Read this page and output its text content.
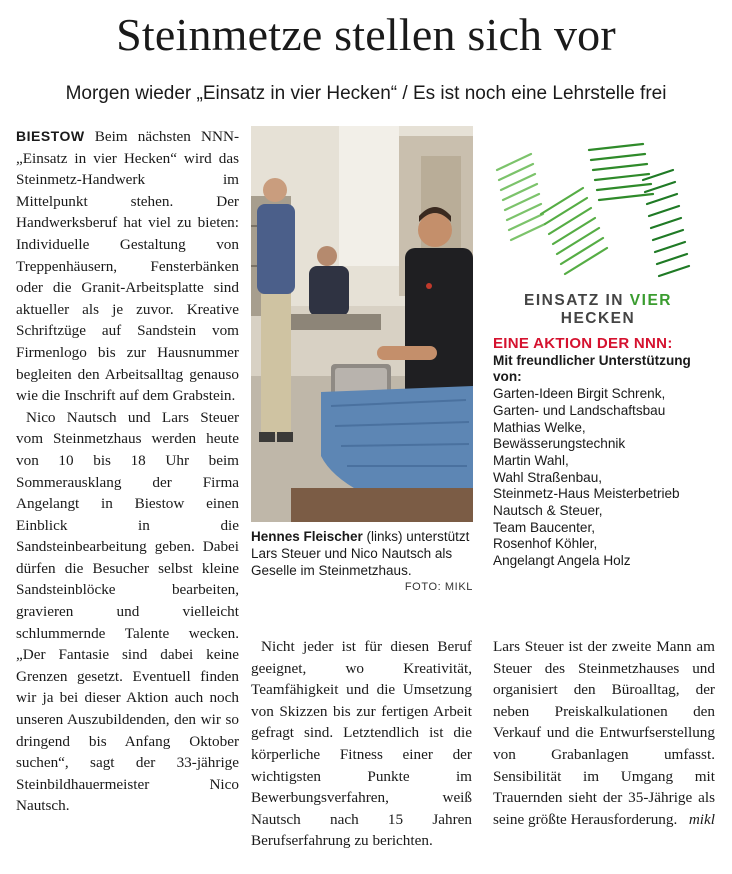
Steinmetze stellen sich vor
Morgen wieder „Einsatz in vier Hecken“ / Es ist noch eine Lehrstelle frei

BIESTOW Beim nächsten NNN-„Einsatz in vier Hecken“ wird das Steinmetz-Handwerk im Mittelpunkt stehen. Der Handwerksberuf hat viel zu bieten: Individuelle Gestaltung von Treppenhäusern, Fensterbänken oder die Granit-Arbeitsplatte sind aktueller als je zuvor. Kreative Schriftzüge auf Sandstein vom Firmenlogo bis zur Hausnummer begleiten den Arbeitsalltag genauso wie die Inschrift auf dem Grabstein.

Nico Nautsch und Lars Steuer vom Steinmetzhaus werden heute von 10 bis 18 Uhr beim Sommerausklang der Firma Angelangt in Biestow einen Einblick in die Sandsteinbearbeitung geben. Dabei dürfen die Besucher selbst kleine Sandsteinblöcke bearbeiten, gravieren und vielleicht schlummernde Talente wecken. „Der Fantasie sind dabei keine Grenzen gesetzt. Eventuell finden wir ja bei dieser Aktion auch noch unseren Auszubildenden, den wir so dringend bis Anfang Oktober suchen“, sagt der 33-jährige Steinbildhauermeister Nico Nautsch.

Hennes Fleischer (links) unterstützt Lars Steuer und Nico Nautsch als Geselle im Steinmetzhaus.
FOTO: MIKL
EINSATZ IN VIER HECKEN
EINE AKTION DER NNN:
Mit freundlicher Unterstützung von:
Garten-Ideen Birgit Schrenk,
Garten- und Landschaftsbau
Mathias Welke,
Bewässerungstechnik
Martin Wahl,
Wahl Straßenbau,
Steinmetz-Haus Meisterbetrieb
Nautsch & Steuer,
Team Baucenter,
Rosenhof Köhler,
Angelangt Angela Holz

Nicht jeder ist für diesen Beruf geeignet, wo Kreativität, Teamfähigkeit und die Umsetzung von Skizzen bis zur fertigen Arbeit gefragt sind. Letztendlich ist die körperliche Fitness einer der wichtigsten Punkte im Bewerbungsverfahren, weiß Nautsch nach 15 Jahren Berufserfahrung zu berichten.

Lars Steuer ist der zweite Mann am Steuer des Steinmetzhauses und organisiert den Büroalltag, der neben Preiskalkulationen den Verkauf und die Entwurfserstellung von Grabanlagen umfasst. Sensibilität im Umgang mit Trauernden sieht der 35-Jährige als seine größte Herausforderung. mikl
